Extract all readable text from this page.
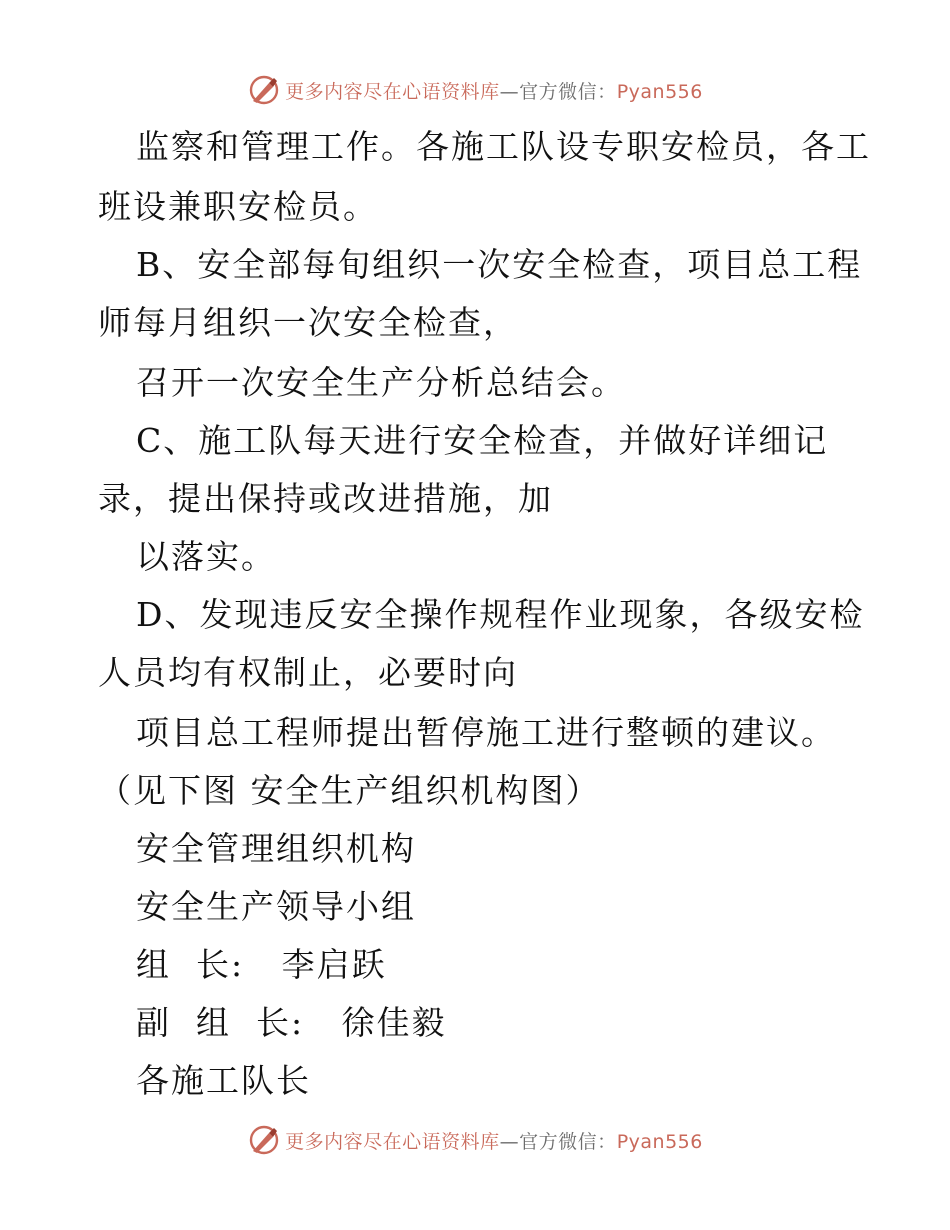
更多内容尽在心语资料库—官方微信：Pyan556
监察和管理工作。各施工队设专职安检员，各工
班设兼职安检员。
B、安全部每旬组织一次安全检查，项目总工程
师每月组织一次安全检查，
召开一次安全生产分析总结会。
C、施工队每天进行安全检查，并做好详细记
录，提出保持或改进措施，加
以落实。
D、发现违反安全操作规程作业现象，各级安检
人员均有权制止，必要时向
项目总工程师提出暂停施工进行整顿的建议。
（见下图 安全生产组织机构图）
安全管理组织机构
安全生产领导小组
组  长:   李启跃
副  组  长:   徐佳毅
各施工队长
更多内容尽在心语资料库—官方微信：Pyan556
